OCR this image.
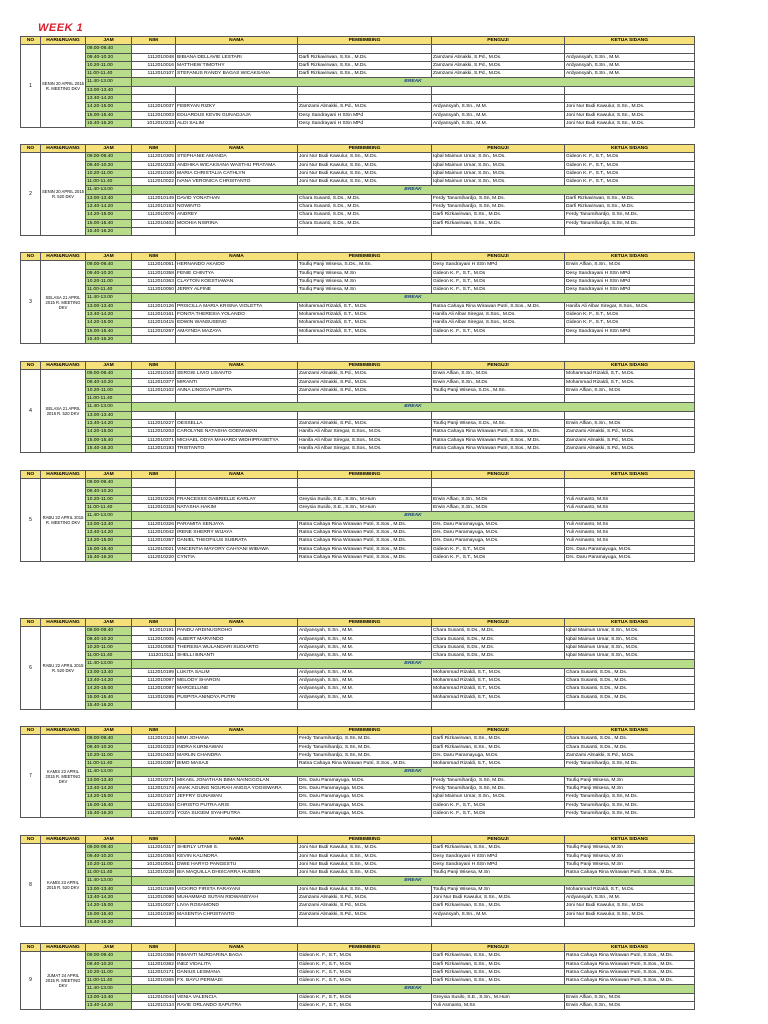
WEEK 1
NO	HARI&RUANG	JAM	NIM	NAMA	PEMBIMBING	PENGUJI	KETUA SIDANG
1	SENIN 20 APRIL 2015 R. MEETING DKV	09.00-09.40					
		09.40-10.20	1112010048	BIBIANA DELLAVIE LESTARI	Darfi Rizkavirwan, S.Sn., M.Ds.	Zamzami Almakki, S.Pd., M.Ds.	Ardyansyah, S.Sn., M.M.
		10.20-11.00	1112010016	MATTHEW TIMOTHY	Darfi Rizkavirwan, S.Sn., M.Ds.	Zamzami Almakki, S.Pd., M.Ds.	Ardyansyah, S.Sn., M.M.
		11.00-11.40	1112010107	STEFANUS RANDY BAGAS WICAKSANA	Darfi Rizkavirwan, S.Sn., M.Ds.	Zamzami Almakki, S.Pd., M.Ds.	Ardyansyah, S.Sn., M.M.
		11.40-13.00	BREAK				
		13.00-13.40					
		13.40-14.20					
		14.20-15.00	1112010037	FEBRYAN RIZKY	Zamzami Almakki, S.Pd., M.Ds.	Ardyansyah, S.Sn., M.M.	Joni Nur Budi Kawulur, S.Sn., M.Ds.
		15.00-15.40	1112010003	EDUARDUS KEVIN GUNADJAJA	Desy Sandrayani H SSn MPd	Ardyansyah, S.Sn., M.M.	Joni Nur Budi Kawulur, S.Sn., M.Ds.
		15.40-16.20	1012010233	ALDI SALIM	Desy Sandrayani H SSn MPd	Ardyansyah, S.Sn., M.M.	Joni Nur Budi Kawulur, S.Sn., M.Ds.
NO	HARI&RUANG	JAM	NIM	NAMA	PEMBIMBING	PENGUJI	KETUA SIDANG
2	SENIN 20 APRIL 2015 R. 520 DKV	09.00-09.40	1112010305	STEPHANIE AMANDA	Joni Nur Budi Kawulur, S.Sn., M.Ds.	Iqbal Maimun Umar, S.Sn., M.Ds.	Gideon K. F., S.T., M.Ds
		09.40-10.20	1112010233	ANDHIKA WICAKSANA WASTHU PRATAMA	Joni Nur Budi Kawulur, S.Sn., M.Ds.	Iqbal Maimun Umar, S.Sn., M.Ds.	Gideon K. F., S.T., M.Ds
		10.20-11.00	1112010100	MARIA CHRISTALIA CATHLYN	Joni Nur Budi Kawulur, S.Sn., M.Ds.	Iqbal Maimun Umar, S.Sn., M.Ds.	Gideon K. F., S.T., M.Ds
		11.00-11.40	1112010022	IVANA VERONICA CHRISTANTO	Joni Nur Budi Kawulur, S.Sn., M.Ds.	Iqbal Maimun Umar, S.Sn., M.Ds.	Gideon K. F., S.T., M.Ds
		11.40-13.00	BREAK				
		13.00-13.40	1112010149	DAVID YONATHAN	Chara Susanti, S.Ds., M.Ds.	Ferdy Tanumihardjo, S.Sn, M.Ds.	Darfi Rizkavirwan, S.Sn., M.Ds.
		13.40-14.20	1112010153	NOWINTO	Chara Susanti, S.Ds., M.Ds.	Ferdy Tanumihardjo, S.Sn, M.Ds.	Darfi Rizkavirwan, S.Sn., M.Ds.
		14.20-15.00	1112010076	ANDREY	Chara Susanti, S.Ds., M.Ds.	Darfi Rizkavirwan, S.Sn., M.Ds.	Ferdy Tanumihardjo, S.Sn, M.Ds.
		15.00-15.40	1112010402	MOOHIA NISRINA	Chara Susanti, S.Ds., M.Ds.	Darfi Rizkavirwan, S.Sn., M.Ds.	Ferdy Tanumihardjo, S.Sn, M.Ds.
		15.40-16.20					
NO	HARI&RUANG	JAM	NIM	NAMA	PEMBIMBING	PENGUJI	KETUA SIDANG
3	SELASA 21 APRIL 2015 R. MEETING DKV	09.00-09.40	1112010051	HERNANDO AKAIDO	Toufiq Panji Wisesa, S.Ds., M.Sn.	Desy Sandrayani H SSn MPd	Erwin Alfian, S.Sn., M.Ds
		09.40-10.20	1112010358	FENIE CHINTYA	Toufiq Panji Wisesa, M.Sn	Gideon K. F., S.T., M.Ds	Desy Sandrayani H SSn MPd
		10.20-11.00	1112010363	CLAYTON KOESTIAWAN	Toufiq Panji Wisesa, M.Sn	Gideon K. F., S.T., M.Ds	Desy Sandrayani H SSn MPd
		11.00-11.40	1112010050	JERRY ALFINE	Toufiq Panji Wisesa, M.Sn	Gideon K. F., S.T., M.Ds	Desy Sandrayani H SSn MPd
		11.40-13.00	BREAK				
		13.00-13.40	1112010126	PRISCILLA MARIA KRISNA VIOLETTA	Mohammad Rizaldi, S.T., M.Ds.	Ratna Cahaya Rina Wirawan Putri, S.Sos., M.Ds.	Hanifa Ali Albar Siregar, S.Sos., M.Ds.
		13.40-14.20	1112010161	FONITA THERESIA YOLANDO	Mohammad Rizaldi, S.T., M.Ds.	Hanifa Ali Albar Siregar, S.Sos., M.Ds.	Gideon K. F., S.T., M.Ds
		14.20-15.00	1112010415	EDWIN WANSUSENO	Mohammad Rizaldi, S.T., M.Ds.	Hanifa Ali Albar Siregar, S.Sos., M.Ds.	Gideon K. F., S.T., M.Ds
		15.00-15.40	1112010267	AMAYNDA MAZAYA	Mohammad Rizaldi, S.T., M.Ds.	Gideon K. F., S.T., M.Ds	Desy Sandrayani H SSn MPd
		15.40-16.20					
NO	HARI&RUANG	JAM	NIM	NAMA	PEMBIMBING	PENGUJI	KETUA SIDANG
4	SELASA 21 APRIL 2015 R. 520 DKV	09.00-09.40	1112010103	SERGIE LIVIO LISANTO	Zamzami Almakki, S.Pd., M.Ds.	Erwin Alfian, S.Sn., M.Ds	Mohammad Rizaldi, S.T., M.Ds.
		09.40-10.20	1112010377	MIRANTI	Zamzami Almakki, S.Pd., M.Ds.	Erwin Alfian, S.Sn., M.Ds	Mohammad Rizaldi, S.T., M.Ds.
		10.20-11.00	1112010102	ANNA LINGGA PUSPITA	Zamzami Almakki, S.Pd., M.Ds.	Toufiq Panji Wisesa, S.Ds., M.Sn.	Erwin Alfian, S.Sn., M.Ds
		11.00-11.40					
		11.40-13.00	BREAK				
		13.00-13.40					
		13.40-14.20	1112010227	OESSELLA	Zamzami Almakki, S.Pd., M.Ds.	Toufiq Panji Wisesa, S.Ds., M.Sn.	Erwin Alfian, S.Sn., M.Ds
		14.20-15.00	1112010203	CAROLYNE NATASHA GOENAWAN	Hanifa Ali Albar Siregar, S.Sos., M.Ds.	Ratna Cahaya Rina Wirawan Putri, S.Sos., M.Ds.	Zamzami Almakki, S.Pd., M.Ds.
		15.00-15.40	1112010371	MICHAEL ODYA MAHARDI WIDHIPRASETYA	Hanifa Ali Albar Siregar, S.Sos., M.Ds.	Ratna Cahaya Rina Wirawan Putri, S.Sos., M.Ds.	Zamzami Almakki, S.Pd., M.Ds.
		15.40-16.20	1112010193	TRISTANTO	Hanifa Ali Albar Siregar, S.Sos., M.Ds.	Ratna Cahaya Rina Wirawan Putri, S.Sos., M.Ds.	Zamzami Almakki, S.Pd., M.Ds.
NO	HARI&RUANG	JAM	NIM	NAMA	PEMBIMBING	PENGUJI	KETUA SIDANG
5	RABU 22 APRIL 2015 R. MEETING DKV	09.00-09.40					
		09.40-10.20					
		10.20-11.00	1112010226	FRANCESSS GABRIELLE KARLAY	Greysia Susilo, S.E., S.Sn., M.Hum	Erwin Alfian, S.Sn., M.Ds	Yuli Asmanto, M.Sn
		11.00-11.40	1112010318	NATASHA HAKIM	Greysia Susilo, S.E., S.Sn., M.Hum	Erwin Alfian, S.Sn., M.Ds	Yuli Asmanto, M.Sn
		11.40-13.00	BREAK				
		13.00-13.40	1112010326	PARAMITA SENJAYA	Ratna Cahaya Rina Wirawan Putri, S.Sos., M.Ds.	Drs. Daru Paramayuga, M.Ds.	Yuli Asmanto, M.Sn
		13.40-14.20	1112010042	IRENE SHERRY WIJAYA	Ratna Cahaya Rina Wirawan Putri, S.Sos., M.Ds.	Drs. Daru Paramayuga, M.Ds.	Yuli Asmanto, M.Sn
		14.20-15.00	1112010357	DANIEL THEOFILUS SUBRATA	Ratna Cahaya Rina Wirawan Putri, S.Sos., M.Ds.	Drs. Daru Paramayuga, M.Ds.	Yuli Asmanto, M.Sn
		15.00-15.40	1112010021	VINCENTIA MAYORY CAHYANI WIBAWA	Ratna Cahaya Rina Wirawan Putri, S.Sos., M.Ds.	Gideon K. F., S.T., M.Ds	Drs. Daru Paramayuga, M.Ds.
		15.40-16.20	1112010220	CYNTIA	Ratna Cahaya Rina Wirawan Putri, S.Sos., M.Ds.	Gideon K. F., S.T., M.Ds	Drs. Daru Paramayuga, M.Ds.
NO	HARI&RUANG	JAM	NIM	NAMA	PEMBIMBING	PENGUJI	KETUA SIDANG
6	RABU 22 APRIL 2015 R. 520 DKV	09.00-09.40	912010191	PANDU ARDINUGROHO	Ardyansyah, S.Sn., M.M.	Chara Susanti, S.Ds., M.Ds.	Iqbal Maimun Umar, S.Sn., M.Ds.
		09.40-10.20	1112010005	ALBERT MARVINDO	Ardyansyah, S.Sn., M.M.	Chara Susanti, S.Ds., M.Ds.	Iqbal Maimun Umar, S.Sn., M.Ds.
		10.20-11.00	1112010082	THERESIA WULANDARI SUGIARTO	Ardyansyah, S.Sn., M.M.	Chara Susanti, S.Ds., M.Ds.	Iqbal Maimun Umar, S.Sn., M.Ds.
		11.00-11.40	1112010111	SHELLI BINANTI	Ardyansyah, S.Sn., M.M.	Chara Susanti, S.Ds., M.Ds.	Iqbal Maimun Umar, S.Sn., M.Ds.
		11.40-13.00	BREAK				
		13.00-13.40	1112010199	LUKITA SALIM	Ardyansyah, S.Sn., M.M.	Mohammad Rizaldi, S.T., M.Ds.	Chara Susanti, S.Ds., M.Ds.
		13.40-14.20	1112010097	MELODY SHARON	Ardyansyah, S.Sn., M.M.	Mohammad Rizaldi, S.T., M.Ds.	Chara Susanti, S.Ds., M.Ds.
		14.20-15.00	1112010087	MARCELLINE	Ardyansyah, S.Sn., M.M.	Mohammad Rizaldi, S.T., M.Ds.	Chara Susanti, S.Ds., M.Ds.
		15.00-15.40	1112010295	PUSPITA ANINDYA PUTRI	Ardyansyah, S.Sn., M.M.	Mohammad Rizaldi, S.T., M.Ds.	Chara Susanti, S.Ds., M.Ds.
		15.40-16.20					
NO	HARI&RUANG	JAM	NIM	NAMA	PEMBIMBING	PENGUJI	KETUA SIDANG
7	KAMIS 23 APRIL 2015 R. MEETING DKV	09.00-09.40	1112010124	MIMI JOHANA	Ferdy Tanumihardjo, S.Sn, M.Ds.	Darfi Rizkavirwan, S.Sn., M.Ds.	Chara Susanti, S.Ds., M.Ds.
		09.40-10.20	1112010323	INDRA KURNIAWAN	Ferdy Tanumihardjo, S.Sn, M.Ds.	Darfi Rizkavirwan, S.Sn., M.Ds.	Chara Susanti, S.Ds., M.Ds.
		10.20-11.00	1112010403	MARLIN CHANDRA	Ferdy Tanumihardjo, S.Sn, M.Ds.	Drs. Daru Paramayuga, M.Ds.	Zamzami Almakki, S.Pd., M.Ds.
		11.00-11.40	1112010367	BIMO MASAJI	Ratna Cahaya Rina Wirawan Putri, S.Sos., M.Ds.	Mohammad Rizaldi, S.T., M.Ds.	Ferdy Tanumihardjo, S.Sn, M.Ds.
		11.40-13.00	BREAK				
		13.00-13.40	1112010271	MIKAEL JONATHAN BIMA NAINGGOLAN	Drs. Daru Paramayuga, M.Ds.	Ferdy Tanumihardjo, S.Sn, M.Ds.	Toufiq Panji Wisesa, M.Sn
		13.40-14.20	1112010174	ANAK AGUNG NGURAH ANGGA YOGISWARA	Drs. Daru Paramayuga, M.Ds.	Ferdy Tanumihardjo, S.Sn, M.Ds.	Toufiq Panji Wisesa, M.Sn
		14.20-15.00	1112010107	JEFFRY GUNAWAN	Drs. Daru Paramayuga, M.Ds.	Iqbal Maimun Umar, S.Sn., M.Ds.	Ferdy Tanumihardjo, S.Sn, M.Ds.
		15.00-15.40	1112010344	CHRISTO PUTRA ARIS	Drs. Daru Paramayuga, M.Ds.	Gideon K. F., S.T., M.Ds	Ferdy Tanumihardjo, S.Sn, M.Ds.
		15.40-16.20	1112010373	YOZA SUGEM SYAHPUTRA	Drs. Daru Paramayuga, M.Ds.	Gideon K. F., S.T., M.Ds	Ferdy Tanumihardjo, S.Sn, M.Ds.
NO	HARI&RUANG	JAM	NIM	NAMA	PEMBIMBING	PENGUJI	KETUA SIDANG
8	KAMIS 23 APRIL 2015 R. 520 DKV	09.00-09.40	1112010317	SHERLY UTAMI S.	Joni Nur Budi Kawulur, S.Sn., M.Ds.	Darfi Rizkavirwan, S.Sn., M.Ds.	Toufiq Panji Wisesa, M.Sn
		09.40-10.20	1112010364	KEVIN KALINDRA	Joni Nur Budi Kawulur, S.Sn., M.Ds.	Desy Sandrayani H SSn MPd	Toufiq Panji Wisesa, M.Sn
		10.20-11.00	1012010041	DWIE HARYO PANGESTU	Joni Nur Budi Kawulur, S.Sn., M.Ds.	Desy Sandrayani H SSn MPd	Toufiq Panji Wisesa, M.Sn
		11.00-11.40	1112010228	BIA MAQUILLA DHISCARRA HUSEIN	Joni Nur Budi Kawulur, S.Sn., M.Ds.	Toufiq Panji Wisesa, M.Sn	Ratna Cahaya Rina Wirawan Putri, S.Sos., M.Ds.
		11.40-13.00	BREAK				
		13.00-13.40	1112010189	VICKIRO FIRSTA FARAYANI	Joni Nur Budi Kawulur, S.Sn., M.Ds.	Toufiq Panji Wisesa, M.Sn	Mohammad Rizaldi, S.T., M.Ds.
		13.40-14.20	1112010090	MUHAMMAD SUTAN RIDWANSYAH	Zamzami Almakki, S.Pd., M.Ds.	Joni Nur Budi Kawulur, S.Sn., M.Ds.	Ardyansyah, S.Sn., M.M.
		14.20-15.00	1112010027	LIVIA ROSAMOND	Zamzami Almakki, S.Pd., M.Ds.	Darfi Rizkavirwan, S.Sn., M.Ds.	Joni Nur Budi Kawulur, S.Sn., M.Ds.
		15.00-15.40	1112010190	MAXENTIA CHRISTANTO	Zamzami Almakki, S.Pd., M.Ds.	Ardyansyah, S.Sn., M.M.	Joni Nur Budi Kawulur, S.Sn., M.Ds.
		15.40-16.20					
NO	HARI&RUANG	JAM	NIM	NAMA	PEMBIMBING	PENGUJI	KETUA SIDANG
9	JUMAT 24 APRIL 2015 R. MEETING DKV	09.00-09.40	1112010366	RIMANTI NURDARINA BAGA	Gideon K. F., S.T., M.Ds	Darfi Rizkavirwan, S.Sn., M.Ds.	Ratna Cahaya Rina Wirawan Putri, S.Sos., M.Ds.
		09.40-10.20	1112010362	INEZ VIDALITA	Gideon K. F., S.T., M.Ds	Darfi Rizkavirwan, S.Sn., M.Ds.	Ratna Cahaya Rina Wirawan Putri, S.Sos., M.Ds.
		10.20-11.00	1112010171	DANIUS LESMANA	Gideon K. F., S.T., M.Ds	Darfi Rizkavirwan, S.Sn., M.Ds.	Ratna Cahaya Rina Wirawan Putri, S.Sos., M.Ds.
		11.00-11.40	1112010365	FX. BAYU PERMADI	Gideon K. F., S.T., M.Ds	Darfi Rizkavirwan, S.Sn., M.Ds.	Ratna Cahaya Rina Wirawan Putri, S.Sos., M.Ds.
		11.40-13.00	BREAK				
		13.00-13.40	1112010044	VENIA VALENCIA	Gideon K. F., S.T., M.Ds	Greysia Susilo, S.E., S.Sn., M.Hum	Erwin Alfian, S.Sn., M.Ds
		13.40-14.20	1112010134	RAVIE ORLANDO SAPUTRA	Gideon K. F., S.T., M.Ds	Yuli Asmanto, M.Sn	Erwin Alfian, S.Sn., M.Ds
